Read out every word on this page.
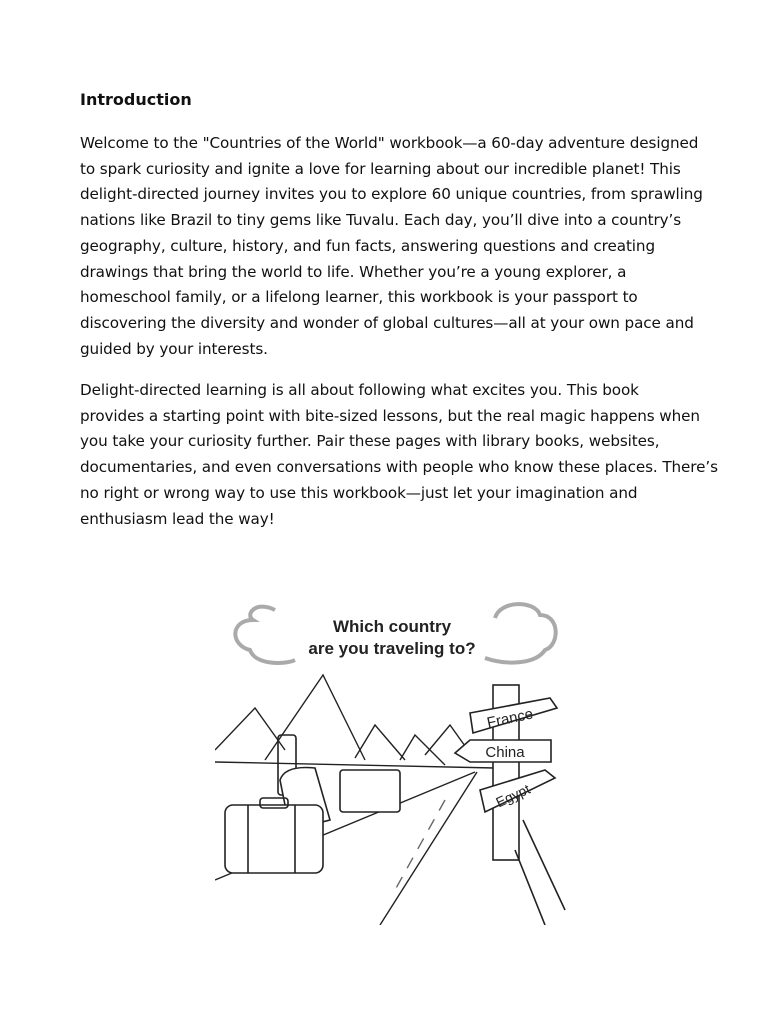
Introduction
Welcome to the "Countries of the World" workbook—a 60-day adventure designed
to spark curiosity and ignite a love for learning about our incredible planet! This
delight-directed journey invites you to explore 60 unique countries, from sprawling
nations like Brazil to tiny gems like Tuvalu. Each day, you’ll dive into a country’s
geography, culture, history, and fun facts, answering questions and creating
drawings that bring the world to life. Whether you’re a young explorer, a
homeschool family, or a lifelong learner, this workbook is your passport to
discovering the diversity and wonder of global cultures—all at your own pace and
guided by your interests.
Delight-directed learning is all about following what excites you. This book
provides a starting point with bite-sized lessons, but the real magic happens when
you take your curiosity further. Pair these pages with library books, websites,
documentaries, and even conversations with people who know these places. There’s
no right or wrong way to use this workbook—just let your imagination and
enthusiasm lead the way!
Which country
are you traveling to?
France
China
Egypt
